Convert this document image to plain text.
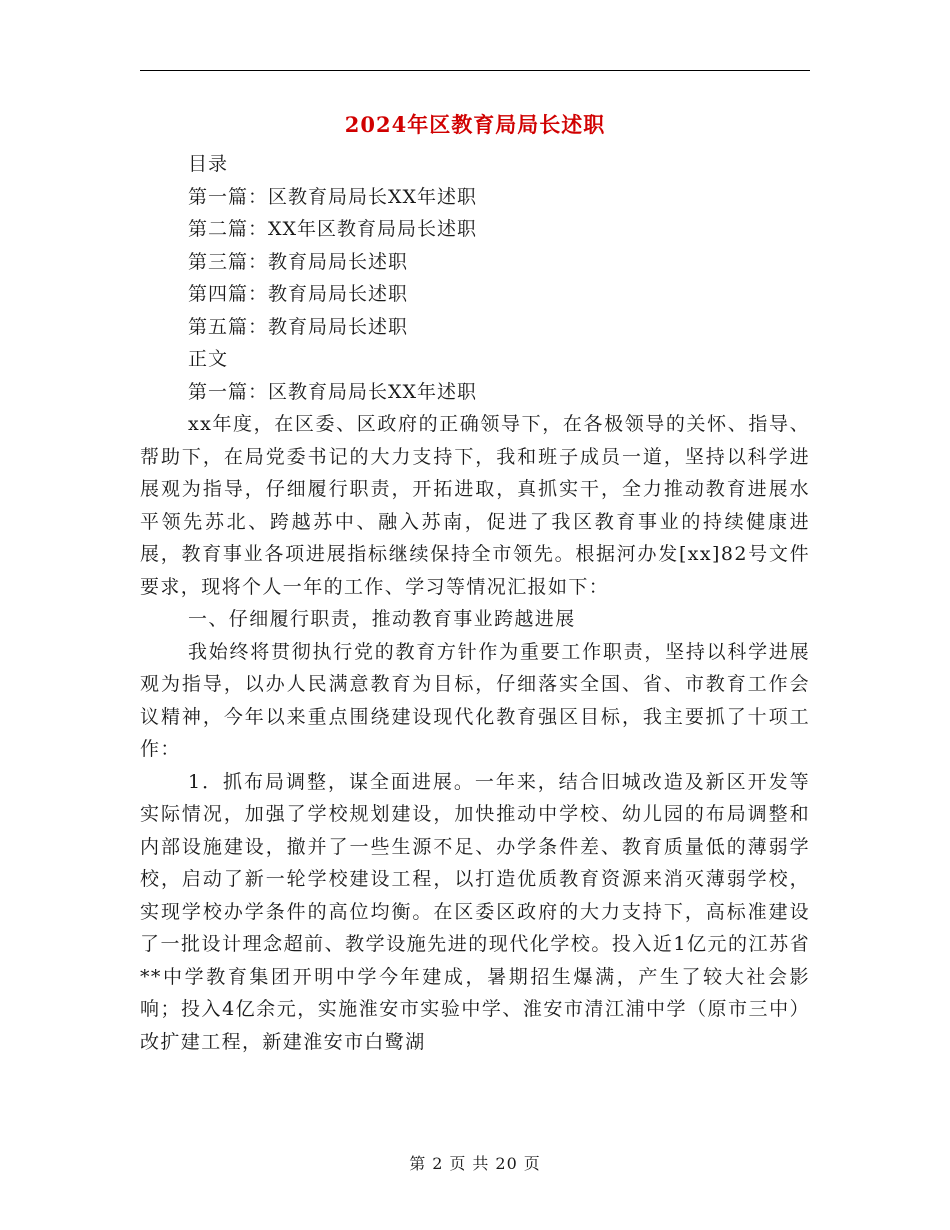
2024年区教育局局长述职
目录
第一篇：区教育局局长XX年述职
第二篇：XX年区教育局局长述职
第三篇：教育局局长述职
第四篇：教育局局长述职
第五篇：教育局局长述职
正文
第一篇：区教育局局长XX年述职

xx年度，在区委、区政府的正确领导下，在各极领导的关怀、指导、帮助下，在局党委书记的大力支持下，我和班子成员一道，坚持以科学进展观为指导，仔细履行职责，开拓进取，真抓实干，全力推动教育进展水平领先苏北、跨越苏中、融入苏南，促进了我区教育事业的持续健康进展，教育事业各项进展指标继续保持全市领先。根据河办发[xx]82号文件要求，现将个人一年的工作、学习等情况汇报如下：

一、仔细履行职责，推动教育事业跨越进展

我始终将贯彻执行党的教育方针作为重要工作职责，坚持以科学进展观为指导，以办人民满意教育为目标，仔细落实全国、省、市教育工作会议精神，今年以来重点围绕建设现代化教育强区目标，我主要抓了十项工作：

1．抓布局调整，谋全面进展。一年来，结合旧城改造及新区开发等实际情况，加强了学校规划建设，加快推动中学校、幼儿园的布局调整和内部设施建设，撤并了一些生源不足、办学条件差、教育质量低的薄弱学校，启动了新一轮学校建设工程，以打造优质教育资源来消灭薄弱学校，实现学校办学条件的高位均衡。在区委区政府的大力支持下，高标准建设了一批设计理念超前、教学设施先进的现代化学校。投入近1亿元的江苏省**中学教育集团开明中学今年建成，暑期招生爆满，产生了较大社会影响；投入4亿余元，实施淮安市实验中学、淮安市清江浦中学（原市三中）改扩建工程，新建淮安市白鹭湖

第 2 页 共 20 页
